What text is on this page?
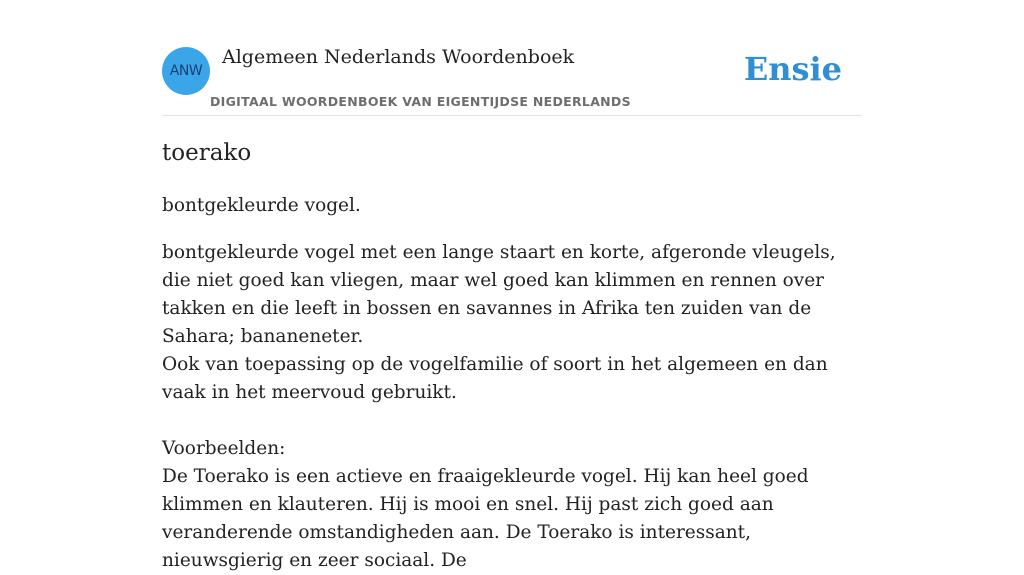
ANW
Algemeen Nederlands Woordenboek
DIGITAAL WOORDENBOEK VAN EIGENTIJDSE NEDERLANDS
Ensie
toerako
bontgekleurde vogel.

bontgekleurde vogel met een lange staart en korte, afgeronde vleugels, die niet goed kan vliegen, maar wel goed kan klimmen en rennen over takken en die leeft in bossen en savannes in Afrika ten zuiden van de Sahara; bananeneter.

Ook van toepassing op de vogelfamilie of soort in het algemeen en dan vaak in het meervoud gebruikt.

Voorbeelden:

De Toerako is een actieve en fraaigekleurde vogel. Hij kan heel goed klimmen en klauteren. Hij is mooi en snel. Hij past zich goed aan veranderende omstandigheden aan. De Toerako is interessant, nieuwsgierig en zeer sociaal. De
